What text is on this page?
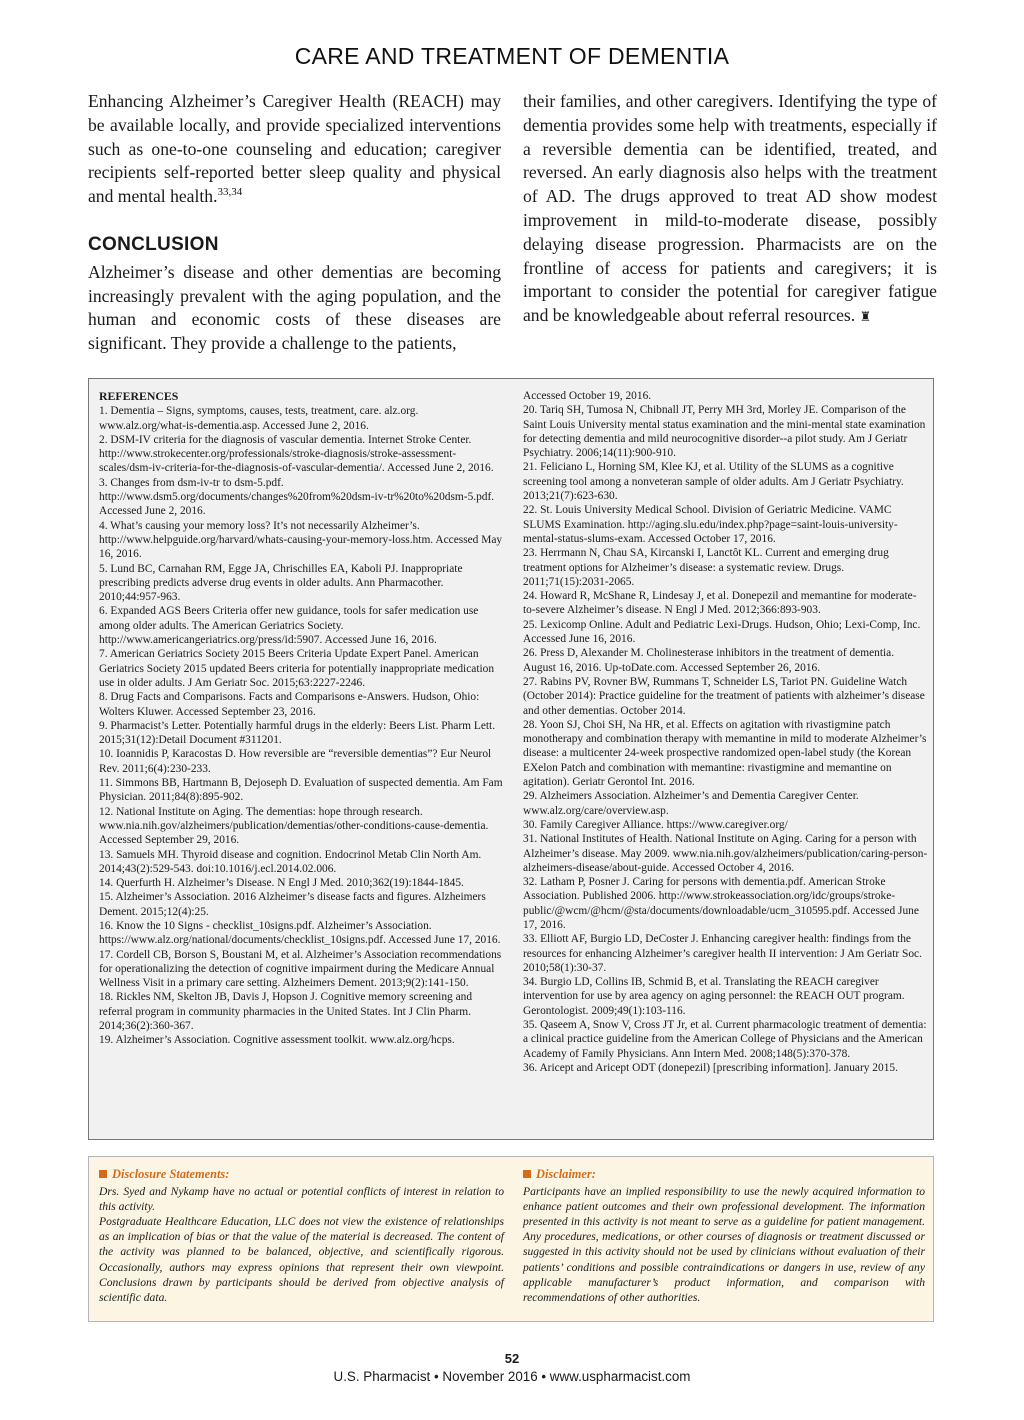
CARE AND TREATMENT OF DEMENTIA

Enhancing Alzheimer’s Caregiver Health (REACH) may be available locally, and provide specialized interventions such as one-to-one counseling and education; caregiver recipients self-reported better sleep quality and physical and mental health.$^{33,34}$

CONCLUSION

Alzheimer’s disease and other dementias are becoming increasingly prevalent with the aging population, and the human and economic costs of these diseases are significant. They provide a challenge to the patients,

their families, and other caregivers. Identifying the type of dementia provides some help with treatments, especially if a reversible dementia can be identified, treated, and reversed. An early diagnosis also helps with the treatment of AD. The drugs approved to treat AD show modest improvement in mild-to-moderate disease, possibly delaying disease progression. Pharmacists are on the frontline of access for patients and caregivers; it is important to consider the potential for caregiver fatigue and be knowledgeable about referral resources. ♜

REFERENCES
1. Dementia – Signs, symptoms, causes, tests, treatment, care. alz.org. www.alz.org/what-is-dementia.asp. Accessed June 2, 2016.
2. DSM-IV criteria for the diagnosis of vascular dementia. Internet Stroke Center. http://www.strokecenter.org/professionals/stroke-diagnosis/stroke-assessment-scales/dsm-iv-criteria-for-the-diagnosis-of-vascular-dementia/. Accessed June 2, 2016.
3. Changes from dsm-iv-tr to dsm-5.pdf. http://www.dsm5.org/documents/changes%20from%20dsm-iv-tr%20to%20dsm-5.pdf. Accessed June 2, 2016.
4. What’s causing your memory loss? It’s not necessarily Alzheimer’s. http://www.helpguide.org/harvard/whats-causing-your-memory-loss.htm. Accessed May 16, 2016.
5. Lund BC, Carnahan RM, Egge JA, Chrischilles EA, Kaboli PJ. Inappropriate prescribing predicts adverse drug events in older adults. Ann Pharmacother. 2010;44:957-963.
6. Expanded AGS Beers Criteria offer new guidance, tools for safer medication use among older adults. The American Geriatrics Society. http://www.americangeriatrics.org/press/id:5907. Accessed June 16, 2016.
7. American Geriatrics Society 2015 Beers Criteria Update Expert Panel. American Geriatrics Society 2015 updated Beers criteria for potentially inappropriate medication use in older adults. J Am Geriatr Soc. 2015;63:2227-2246.
8. Drug Facts and Comparisons. Facts and Comparisons e-Answers. Hudson, Ohio: Wolters Kluwer. Accessed September 23, 2016.
9. Pharmacist’s Letter. Potentially harmful drugs in the elderly: Beers List. Pharm Lett. 2015;31(12):Detail Document #311201.
10. Ioannidis P, Karacostas D. How reversible are “reversible dementias”? Eur Neurol Rev. 2011;6(4):230-233.
11. Simmons BB, Hartmann B, Dejoseph D. Evaluation of suspected dementia. Am Fam Physician. 2011;84(8):895-902.
12. National Institute on Aging. The dementias: hope through research. www.nia.nih.gov/alzheimers/publication/dementias/other-conditions-cause-dementia. Accessed September 29, 2016.
13. Samuels MH. Thyroid disease and cognition. Endocrinol Metab Clin North Am. 2014;43(2):529-543. doi:10.1016/j.ecl.2014.02.006.
14. Querfurth H. Alzheimer’s Disease. N Engl J Med. 2010;362(19):1844-1845.
15. Alzheimer’s Association. 2016 Alzheimer’s disease facts and figures. Alzheimers Dement. 2015;12(4):25.
16. Know the 10 Signs - checklist_10signs.pdf. Alzheimer’s Association. https://www.alz.org/national/documents/checklist_10signs.pdf. Accessed June 17, 2016.
17. Cordell CB, Borson S, Boustani M, et al. Alzheimer’s Association recommendations for operationalizing the detection of cognitive impairment during the Medicare Annual Wellness Visit in a primary care setting. Alzheimers Dement. 2013;9(2):141-150.
18. Rickles NM, Skelton JB, Davis J, Hopson J. Cognitive memory screening and referral program in community pharmacies in the United States. Int J Clin Pharm. 2014;36(2):360-367.
19. Alzheimer’s Association. Cognitive assessment toolkit. www.alz.org/hcps.
Accessed October 19, 2016.
20. Tariq SH, Tumosa N, Chibnall JT, Perry MH 3rd, Morley JE. Comparison of the Saint Louis University mental status examination and the mini-mental state examination for detecting dementia and mild neurocognitive disorder--a pilot study. Am J Geriatr Psychiatry. 2006;14(11):900-910.
21. Feliciano L, Horning SM, Klee KJ, et al. Utility of the SLUMS as a cognitive screening tool among a nonveteran sample of older adults. Am J Geriatr Psychiatry. 2013;21(7):623-630.
22. St. Louis University Medical School. Division of Geriatric Medicine. VAMC SLUMS Examination. http://aging.slu.edu/index.php?page=saint-louis-university-mental-status-slums-exam. Accessed October 17, 2016.
23. Herrmann N, Chau SA, Kircanski I, Lanctôt KL. Current and emerging drug treatment options for Alzheimer’s disease: a systematic review. Drugs. 2011;71(15):2031-2065.
24. Howard R, McShane R, Lindesay J, et al. Donepezil and memantine for moderate-to-severe Alzheimer’s disease. N Engl J Med. 2012;366:893-903.
25. Lexicomp Online. Adult and Pediatric Lexi-Drugs. Hudson, Ohio; Lexi-Comp, Inc. Accessed June 16, 2016.
26. Press D, Alexander M. Cholinesterase inhibitors in the treatment of dementia. August 16, 2016. Up-toDate.com. Accessed September 26, 2016.
27. Rabins PV, Rovner BW, Rummans T, Schneider LS, Tariot PN. Guideline Watch (October 2014): Practice guideline for the treatment of patients with alzheimer’s disease and other dementias. October 2014.
28. Yoon SJ, Choi SH, Na HR, et al. Effects on agitation with rivastigmine patch monotherapy and combination therapy with memantine in mild to moderate Alzheimer’s disease: a multicenter 24-week prospective randomized open-label study (the Korean EXelon Patch and combination with memantine: rivastigmine and memantine on agitation). Geriatr Gerontol Int. 2016.
29. Alzheimers Association. Alzheimer’s and Dementia Caregiver Center. www.alz.org/care/overview.asp.
30. Family Caregiver Alliance. https://www.caregiver.org/
31. National Institutes of Health. National Institute on Aging. Caring for a person with Alzheimer’s disease. May 2009. www.nia.nih.gov/alzheimers/publication/caring-person-alzheimers-disease/about-guide. Accessed October 4, 2016.
32. Latham P, Posner J. Caring for persons with dementia.pdf. American Stroke Association. Published 2006. http://www.strokeassociation.org/idc/groups/stroke-public/@wcm/@hcm/@sta/documents/downloadable/ucm_310595.pdf. Accessed June 17, 2016.
33. Elliott AF, Burgio LD, DeCoster J. Enhancing caregiver health: findings from the resources for enhancing Alzheimer’s caregiver health II intervention: J Am Geriatr Soc. 2010;58(1):30-37.
34. Burgio LD, Collins IB, Schmid B, et al. Translating the REACH caregiver intervention for use by area agency on aging personnel: the REACH OUT program. Gerontologist. 2009;49(1):103-116.
35. Qaseem A, Snow V, Cross JT Jr, et al. Current pharmacologic treatment of dementia: a clinical practice guideline from the American College of Physicians and the American Academy of Family Physicians. Ann Intern Med. 2008;148(5):370-378.
36. Aricept and Aricept ODT (donepezil) [prescribing information]. January 2015.
Disclosure Statements:

Drs. Syed and Nykamp have no actual or potential conflicts of interest in relation to this activity.

Postgraduate Healthcare Education, LLC does not view the existence of relationships as an implication of bias or that the value of the material is decreased. The content of the activity was planned to be balanced, objective, and scientifically rigorous. Occasionally, authors may express opinions that represent their own viewpoint. Conclusions drawn by participants should be derived from objective analysis of scientific data.

Disclaimer:

Participants have an implied responsibility to use the newly acquired information to enhance patient outcomes and their own professional development. The information presented in this activity is not meant to serve as a guideline for patient management. Any procedures, medications, or other courses of diagnosis or treatment discussed or suggested in this activity should not be used by clinicians without evaluation of their patients’ conditions and possible contraindications or dangers in use, review of any applicable manufacturer’s product information, and comparison with recommendations of other authorities.

52
U.S. Pharmacist • November 2016 • www.uspharmacist.com
